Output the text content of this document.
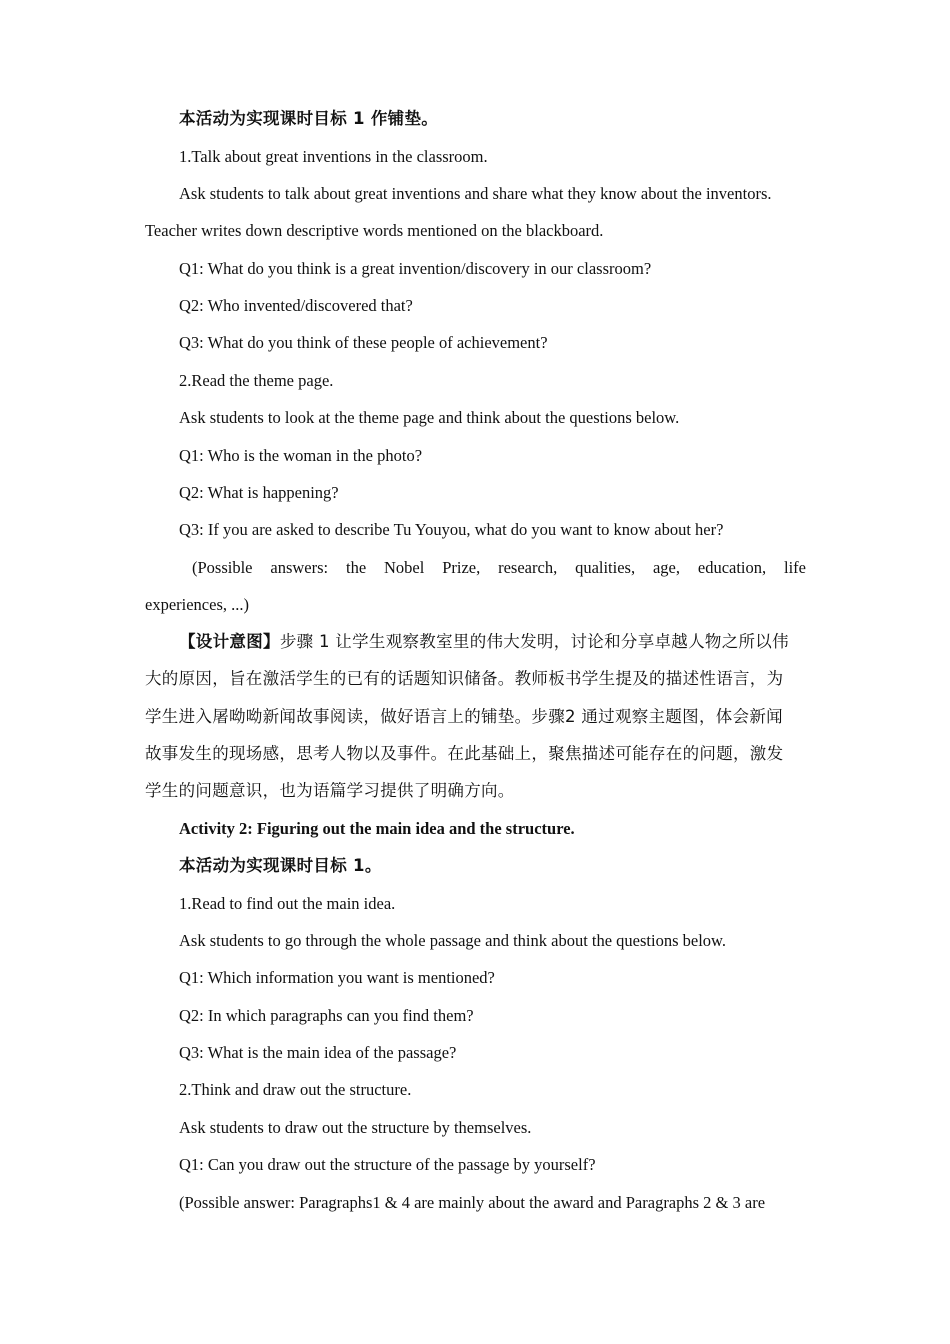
本活动为实现课时目标 1 作铺垫。

1.Talk about great inventions in the classroom.

Ask students to talk about great inventions and share what they know about the inventors.

Teacher writes down descriptive words mentioned on the blackboard.

Q1: What do you think is a great invention/discovery in our classroom?

Q2: Who invented/discovered that?

Q3: What do you think of these people of achievement?

2.Read the theme page.

Ask students to look at the theme page and think about the questions below.

Q1: Who is the woman in the photo?

Q2: What is happening?

Q3: If you are asked to describe Tu Youyou, what do you want to know about her?

(Possible answers: the Nobel Prize, research, qualities, age, education, life

experiences, ...)

【设计意图】步骤 1 让学生观察教室里的伟大发明，讨论和分享卓越人物之所以伟

大的原因，旨在激活学生的已有的话题知识储备。教师板书学生提及的描述性语言，为

学生进入屠呦呦新闻故事阅读，做好语言上的铺垫。步骤2 通过观察主题图，体会新闻

故事发生的现场感，思考人物以及事件。在此基础上，聚焦描述可能存在的问题，激发

学生的问题意识，也为语篇学习提供了明确方向。

Activity 2: Figuring out the main idea and the structure.

本活动为实现课时目标 1。

1.Read to find out the main idea.

Ask students to go through the whole passage and think about the questions below.

Q1: Which information you want is mentioned?

Q2: In which paragraphs can you find them?

Q3: What is the main idea of the passage?

2.Think and draw out the structure.

Ask students to draw out the structure by themselves.

Q1: Can you draw out the structure of the passage by yourself?

(Possible answer: Paragraphs1 & 4 are mainly about the award and Paragraphs 2 & 3 are
